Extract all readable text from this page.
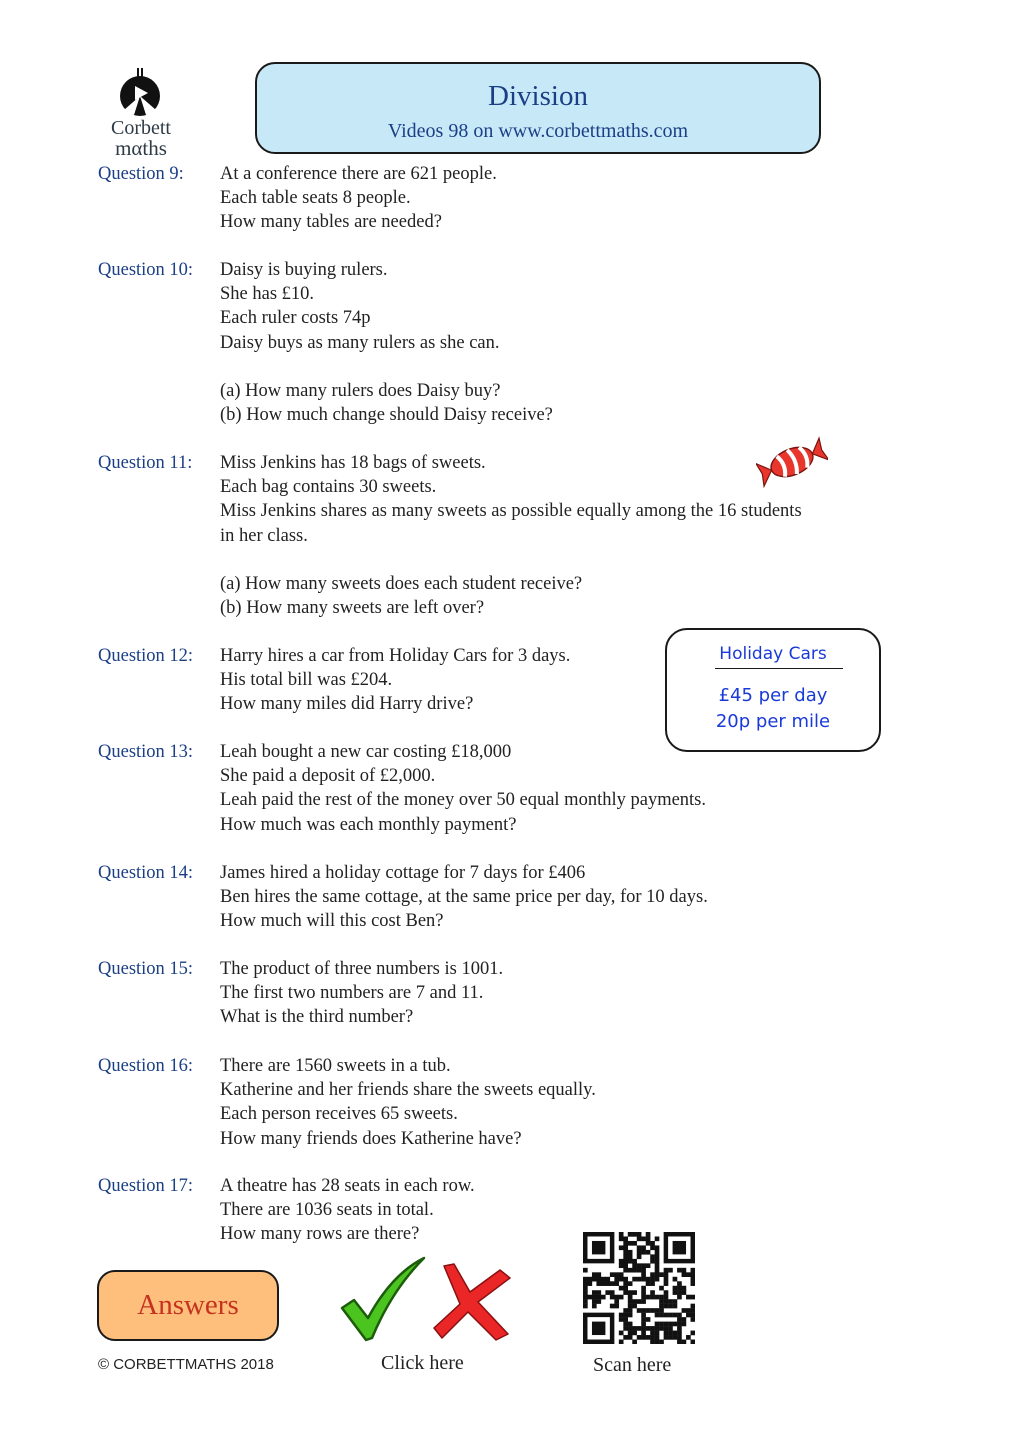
Corbett
mαths
Division
Videos 98 on www.corbettmaths.com
Question 9: At a conference there are 621 people.
Each table seats 8 people.
How many tables are needed?
Question 10: Daisy is buying rulers.
She has £10.
Each ruler costs 74p
Daisy buys as many rulers as she can.
(a) How many rulers does Daisy buy?
(b) How much change should Daisy receive?
Question 11: Miss Jenkins has 18 bags of sweets.
Each bag contains 30 sweets.
Miss Jenkins shares as many sweets as possible equally among the 16 students
in her class.
(a) How many sweets does each student receive?
(b) How many sweets are left over?
Question 12: Harry hires a car from Holiday Cars for 3 days.
His total bill was £204.
How many miles did Harry drive?
Question 13: Leah bought a new car costing £18,000
She paid a deposit of £2,000.
Leah paid the rest of the money over 50 equal monthly payments.
How much was each monthly payment?
Question 14: James hired a holiday cottage for 7 days for £406
Ben hires the same cottage, at the same price per day, for 10 days.
How much will this cost Ben?
Question 15: The product of three numbers is 1001.
The first two numbers are 7 and 11.
What is the third number?
Question 16: There are 1560 sweets in a tub.
Katherine and her friends share the sweets equally.
Each person receives 65 sweets.
How many friends does Katherine have?
Question 17: A theatre has 28 seats in each row.
There are 1036 seats in total.
How many rows are there?
Holiday Cars
£45 per day
20p per mile
Answers
© CORBETTMATHS 2018	Click here	Scan here
